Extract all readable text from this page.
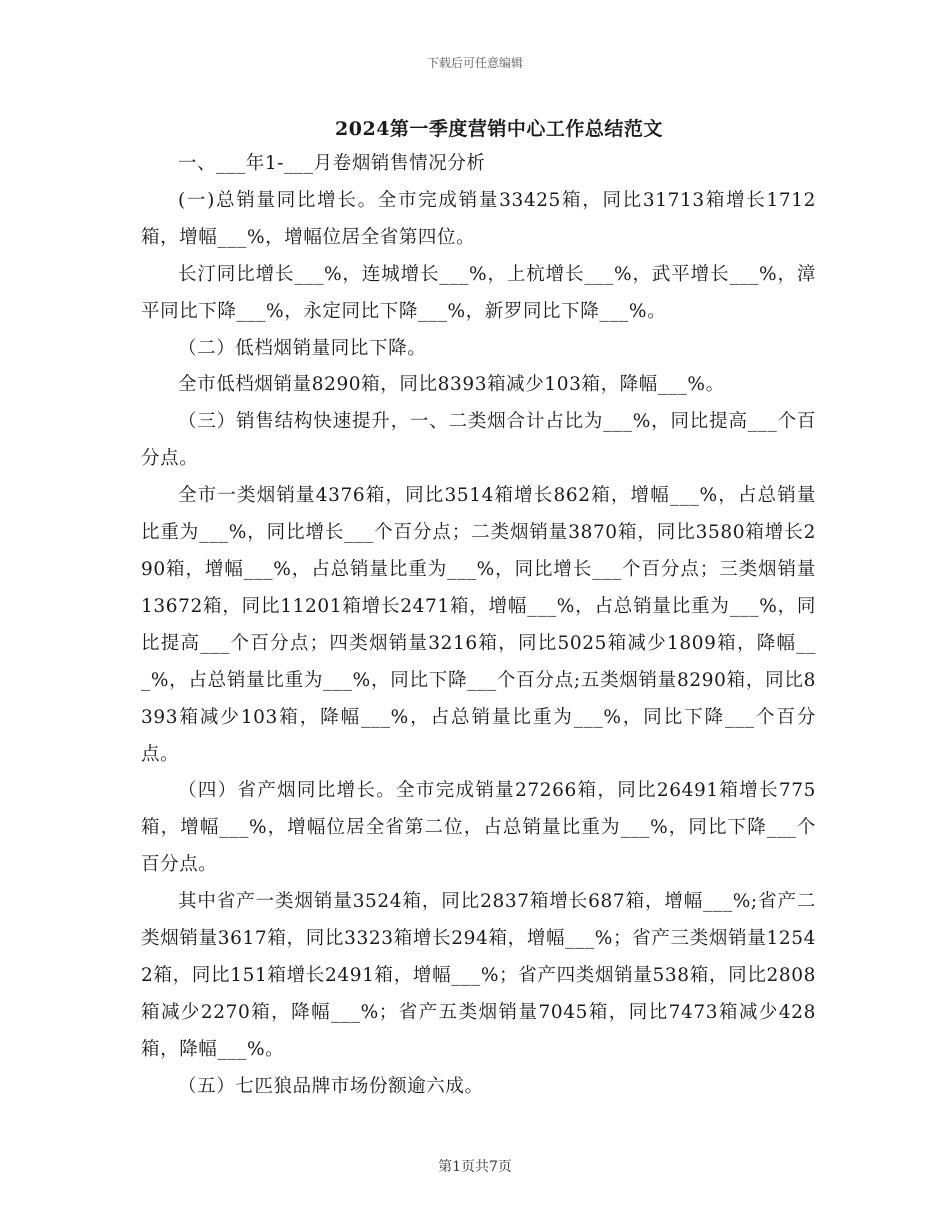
下载后可任意编辑
2024第一季度营销中心工作总结范文

一、___年1-___月卷烟销售情况分析

(一)总销量同比增长。全市完成销量33425箱，同比31713箱增长1712箱，增幅___%，增幅位居全省第四位。

长汀同比增长___%，连城增长___%，上杭增长___%，武平增长___%，漳平同比下降___%，永定同比下降___%，新罗同比下降___%。

（二）低档烟销量同比下降。

全市低档烟销量8290箱，同比8393箱减少103箱，降幅___%。

（三）销售结构快速提升，一、二类烟合计占比为___%，同比提高___个百分点。

全市一类烟销量4376箱，同比3514箱增长862箱，增幅___%，占总销量比重为___%，同比增长___个百分点；二类烟销量3870箱，同比3580箱增长290箱，增幅___%，占总销量比重为___%，同比增长___个百分点；三类烟销量13672箱，同比11201箱增长2471箱，增幅___%，占总销量比重为___%，同比提高___个百分点；四类烟销量3216箱，同比5025箱减少1809箱，降幅___%，占总销量比重为___%，同比下降___个百分点;五类烟销量8290箱，同比8393箱减少103箱，降幅___%，占总销量比重为___%，同比下降___个百分点。

（四）省产烟同比增长。全市完成销量27266箱，同比26491箱增长775箱，增幅___%，增幅位居全省第二位，占总销量比重为___%，同比下降___个百分点。

其中省产一类烟销量3524箱，同比2837箱增长687箱，增幅___%;省产二类烟销量3617箱，同比3323箱增长294箱，增幅___%；省产三类烟销量12542箱，同比151箱增长2491箱，增幅___%；省产四类烟销量538箱，同比2808箱减少2270箱，降幅___%；省产五类烟销量7045箱，同比7473箱减少428箱，降幅___%。

（五）七匹狼品牌市场份额逾六成。

第1页共7页
